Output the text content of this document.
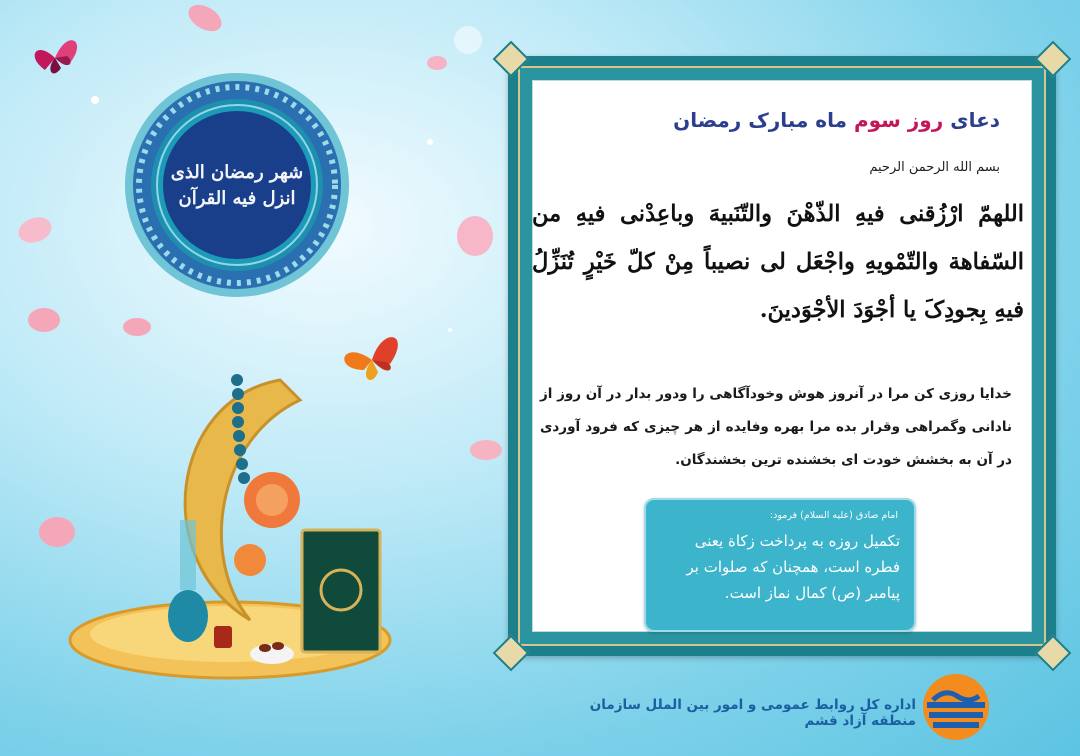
شهر رمضان الذی انزل فیه القرآن
دعای روز سوم ماه مبارک رمضان
بسم الله الرحمن الرحیم
اللهمّ ارْزُقنی فیهِ الذّهْنَ والتّنَبیهَ وباعِدْنی فیهِ من السّفاهة والتّمْویهِ واجْعَل لی نصیباً مِنْ کلّ خَیْرٍ تُنَزِّلُ فیهِ بِجودِکَ یا أجْوَدَ الأجْوَدینَ.
خدایا روزی کن مرا در آنروز هوش وخودآگاهی را ودور بدار در آن روز از نادانی وگمراهی وقرار بده مرا بهره وفایده از هر چیزی که فرود آوردی در آن به بخشش خودت ای بخشنده ترین بخشندگان.
امام صادق (علیه السلام) فرمود:
تکمیل روزه به پرداخت زکاة یعنی فطره است، همچنان که صلوات بر پیامبر (ص) کمال نماز است.
اداره کل روابط عمومی و امور بین الملل سازمان منطقه آزاد قشم
